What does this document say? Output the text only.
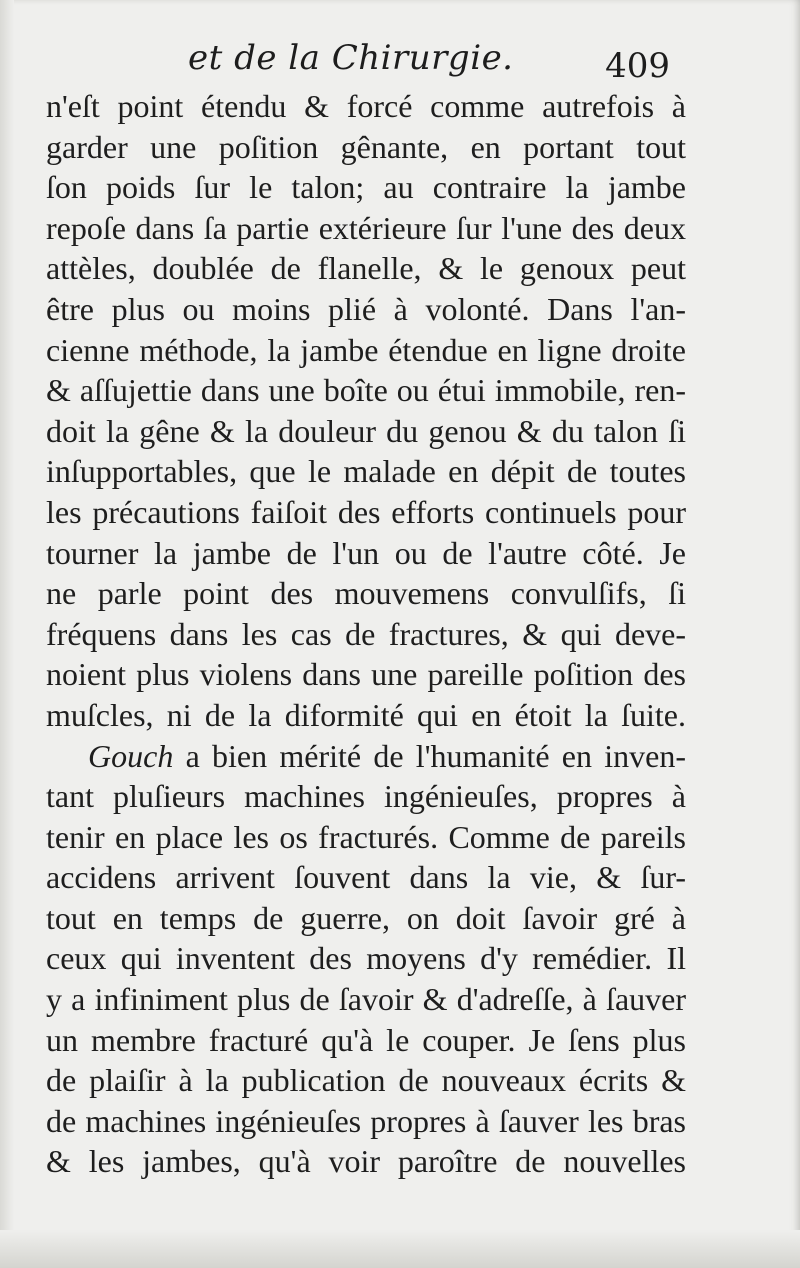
et de la Chirurgie.	409
n'eſt point étendu & forcé comme autrefois à
garder une poſition gênante, en portant tout
ſon poids ſur le talon; au contraire la jambe
repoſe dans ſa partie extérieure ſur l'une des deux
attèles, doublée de flanelle, & le genoux peut
être plus ou moins plié à volonté. Dans l'an-
cienne méthode, la jambe étendue en ligne droite
& aſſujettie dans une boîte ou étui immobile, ren-
doit la gêne & la douleur du genou & du talon ſi
inſupportables, que le malade en dépit de toutes
les précautions faiſoit des efforts continuels pour
tourner la jambe de l'un ou de l'autre côté. Je
ne parle point des mouvemens convulſifs, ſi
fréquens dans les cas de fractures, & qui deve-
noient plus violens dans une pareille poſition des
muſcles, ni de la diformité qui en étoit la ſuite.
Gouch a bien mérité de l'humanité en inven-
tant pluſieurs machines ingénieuſes, propres à
tenir en place les os fracturés. Comme de pareils
accidens arrivent ſouvent dans la vie, & ſur-
tout en temps de guerre, on doit ſavoir gré à
ceux qui inventent des moyens d'y remédier. Il
y a infiniment plus de ſavoir & d'adreſſe, à ſauver
un membre fracturé qu'à le couper. Je ſens plus
de plaiſir à la publication de nouveaux écrits &
de machines ingénieuſes propres à ſauver les bras
& les jambes, qu'à voir paroître de nouvelles
